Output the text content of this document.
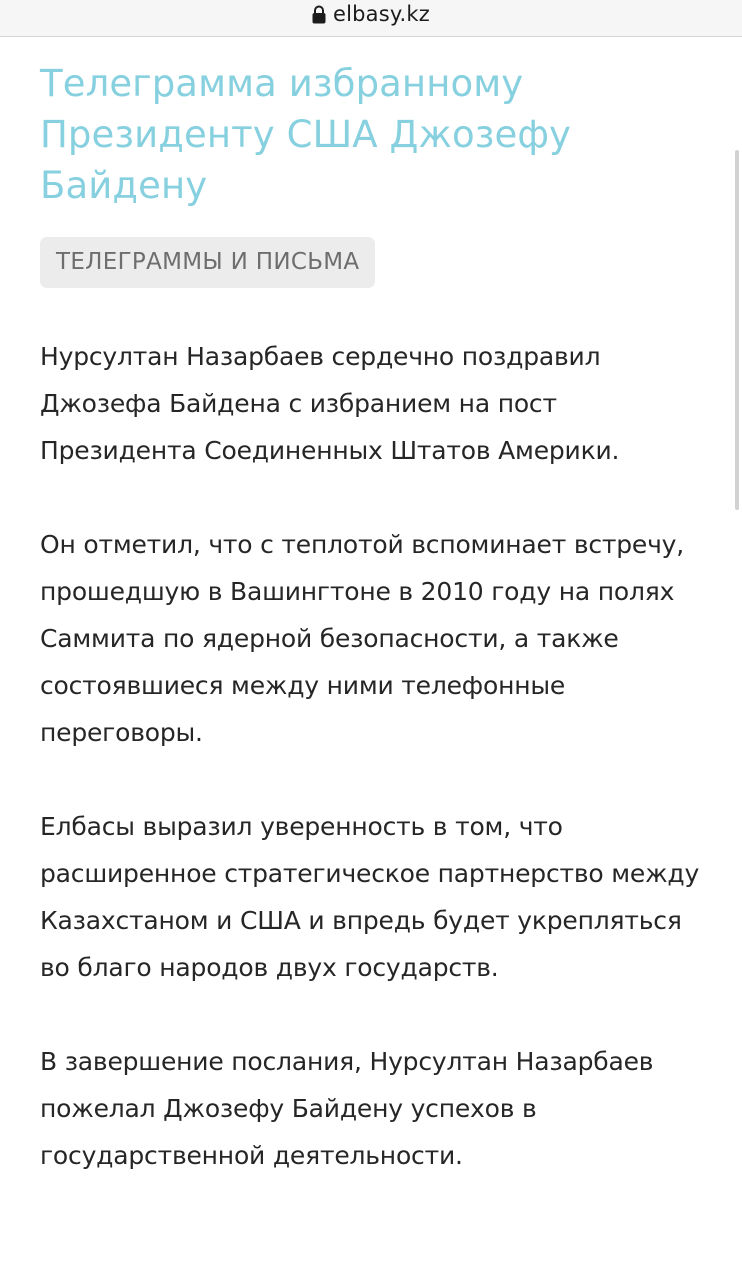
elbasy.kz
Телеграмма избранному Президенту США Джозефу Байдену
ТЕЛЕГРАММЫ И ПИСЬМА

Нурсултан Назарбаев сердечно поздравил Джозефа Байдена с избранием на пост Президента Соединенных Штатов Америки.

Он отметил, что с теплотой вспоминает встречу, прошедшую в Вашингтоне в 2010 году на полях Саммита по ядерной безопасности, а также состоявшиеся между ними телефонные переговоры.

Елбасы выразил уверенность в том, что расширенное стратегическое партнерство между Казахстаном и США и впредь будет укрепляться во благо народов двух государств.

В завершение послания, Нурсултан Назарбаев пожелал Джозефу Байдену успехов в государственной деятельности.
